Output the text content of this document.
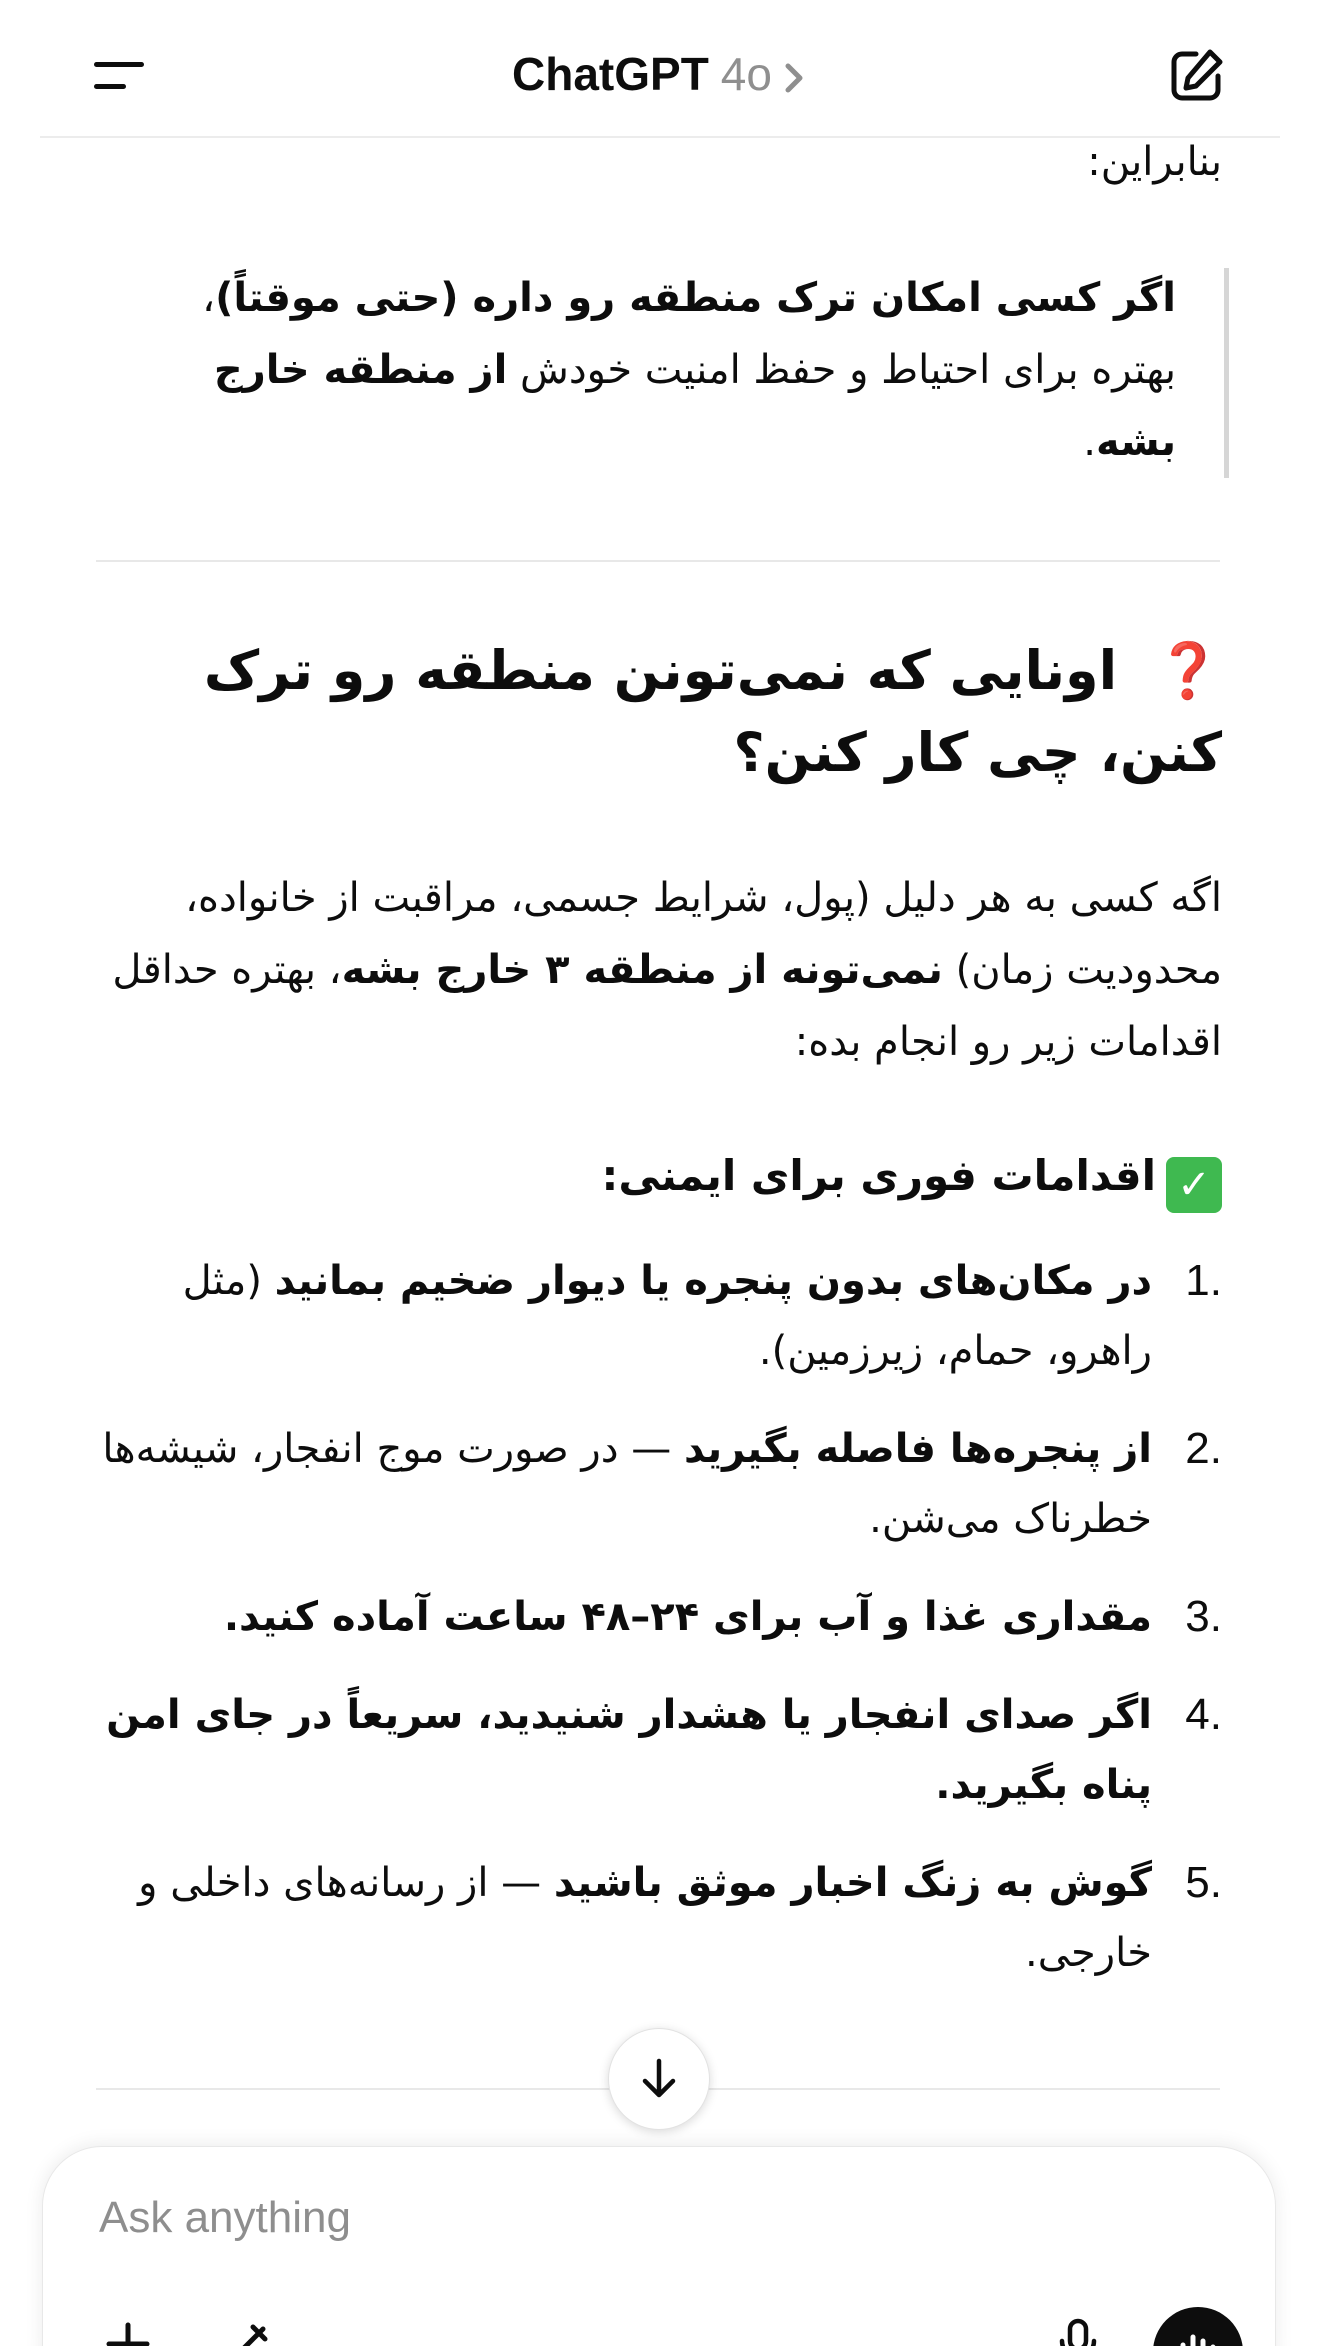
ChatGPT 4o
بنابراین:
اگر کسی امکان ترک منطقه رو داره (حتی موقتاً)، بهتره برای احتیاط و حفظ امنیت خودش از منطقه خارج بشه.
❓  اونایی که نمی‌تونن منطقه رو ترک کنن، چی کار کنن؟
اگه کسی به هر دلیل (پول، شرایط جسمی، مراقبت از خانواده، محدودیت زمان) نمی‌تونه از منطقه ۳ خارج بشه، بهتره حداقل اقدامات زیر رو انجام بده:
✓اقدامات فوری برای ایمنی:
1.
در مکان‌های بدون پنجره یا دیوار ضخیم بمانید (مثل راهرو، حمام، زیرزمین).
2.
از پنجره‌ها فاصله بگیرید — در صورت موج انفجار، شیشه‌ها خطرناک می‌شن.
3.
مقداری غذا و آب برای ۲۴–۴۸ ساعت آماده کنید.
4.
اگر صدای انفجار یا هشدار شنیدید، سریعاً در جای امن پناه بگیرید.
5.
گوش به زنگ اخبار موثق باشید — از رسانه‌های داخلی و خارجی.
Ask anything
